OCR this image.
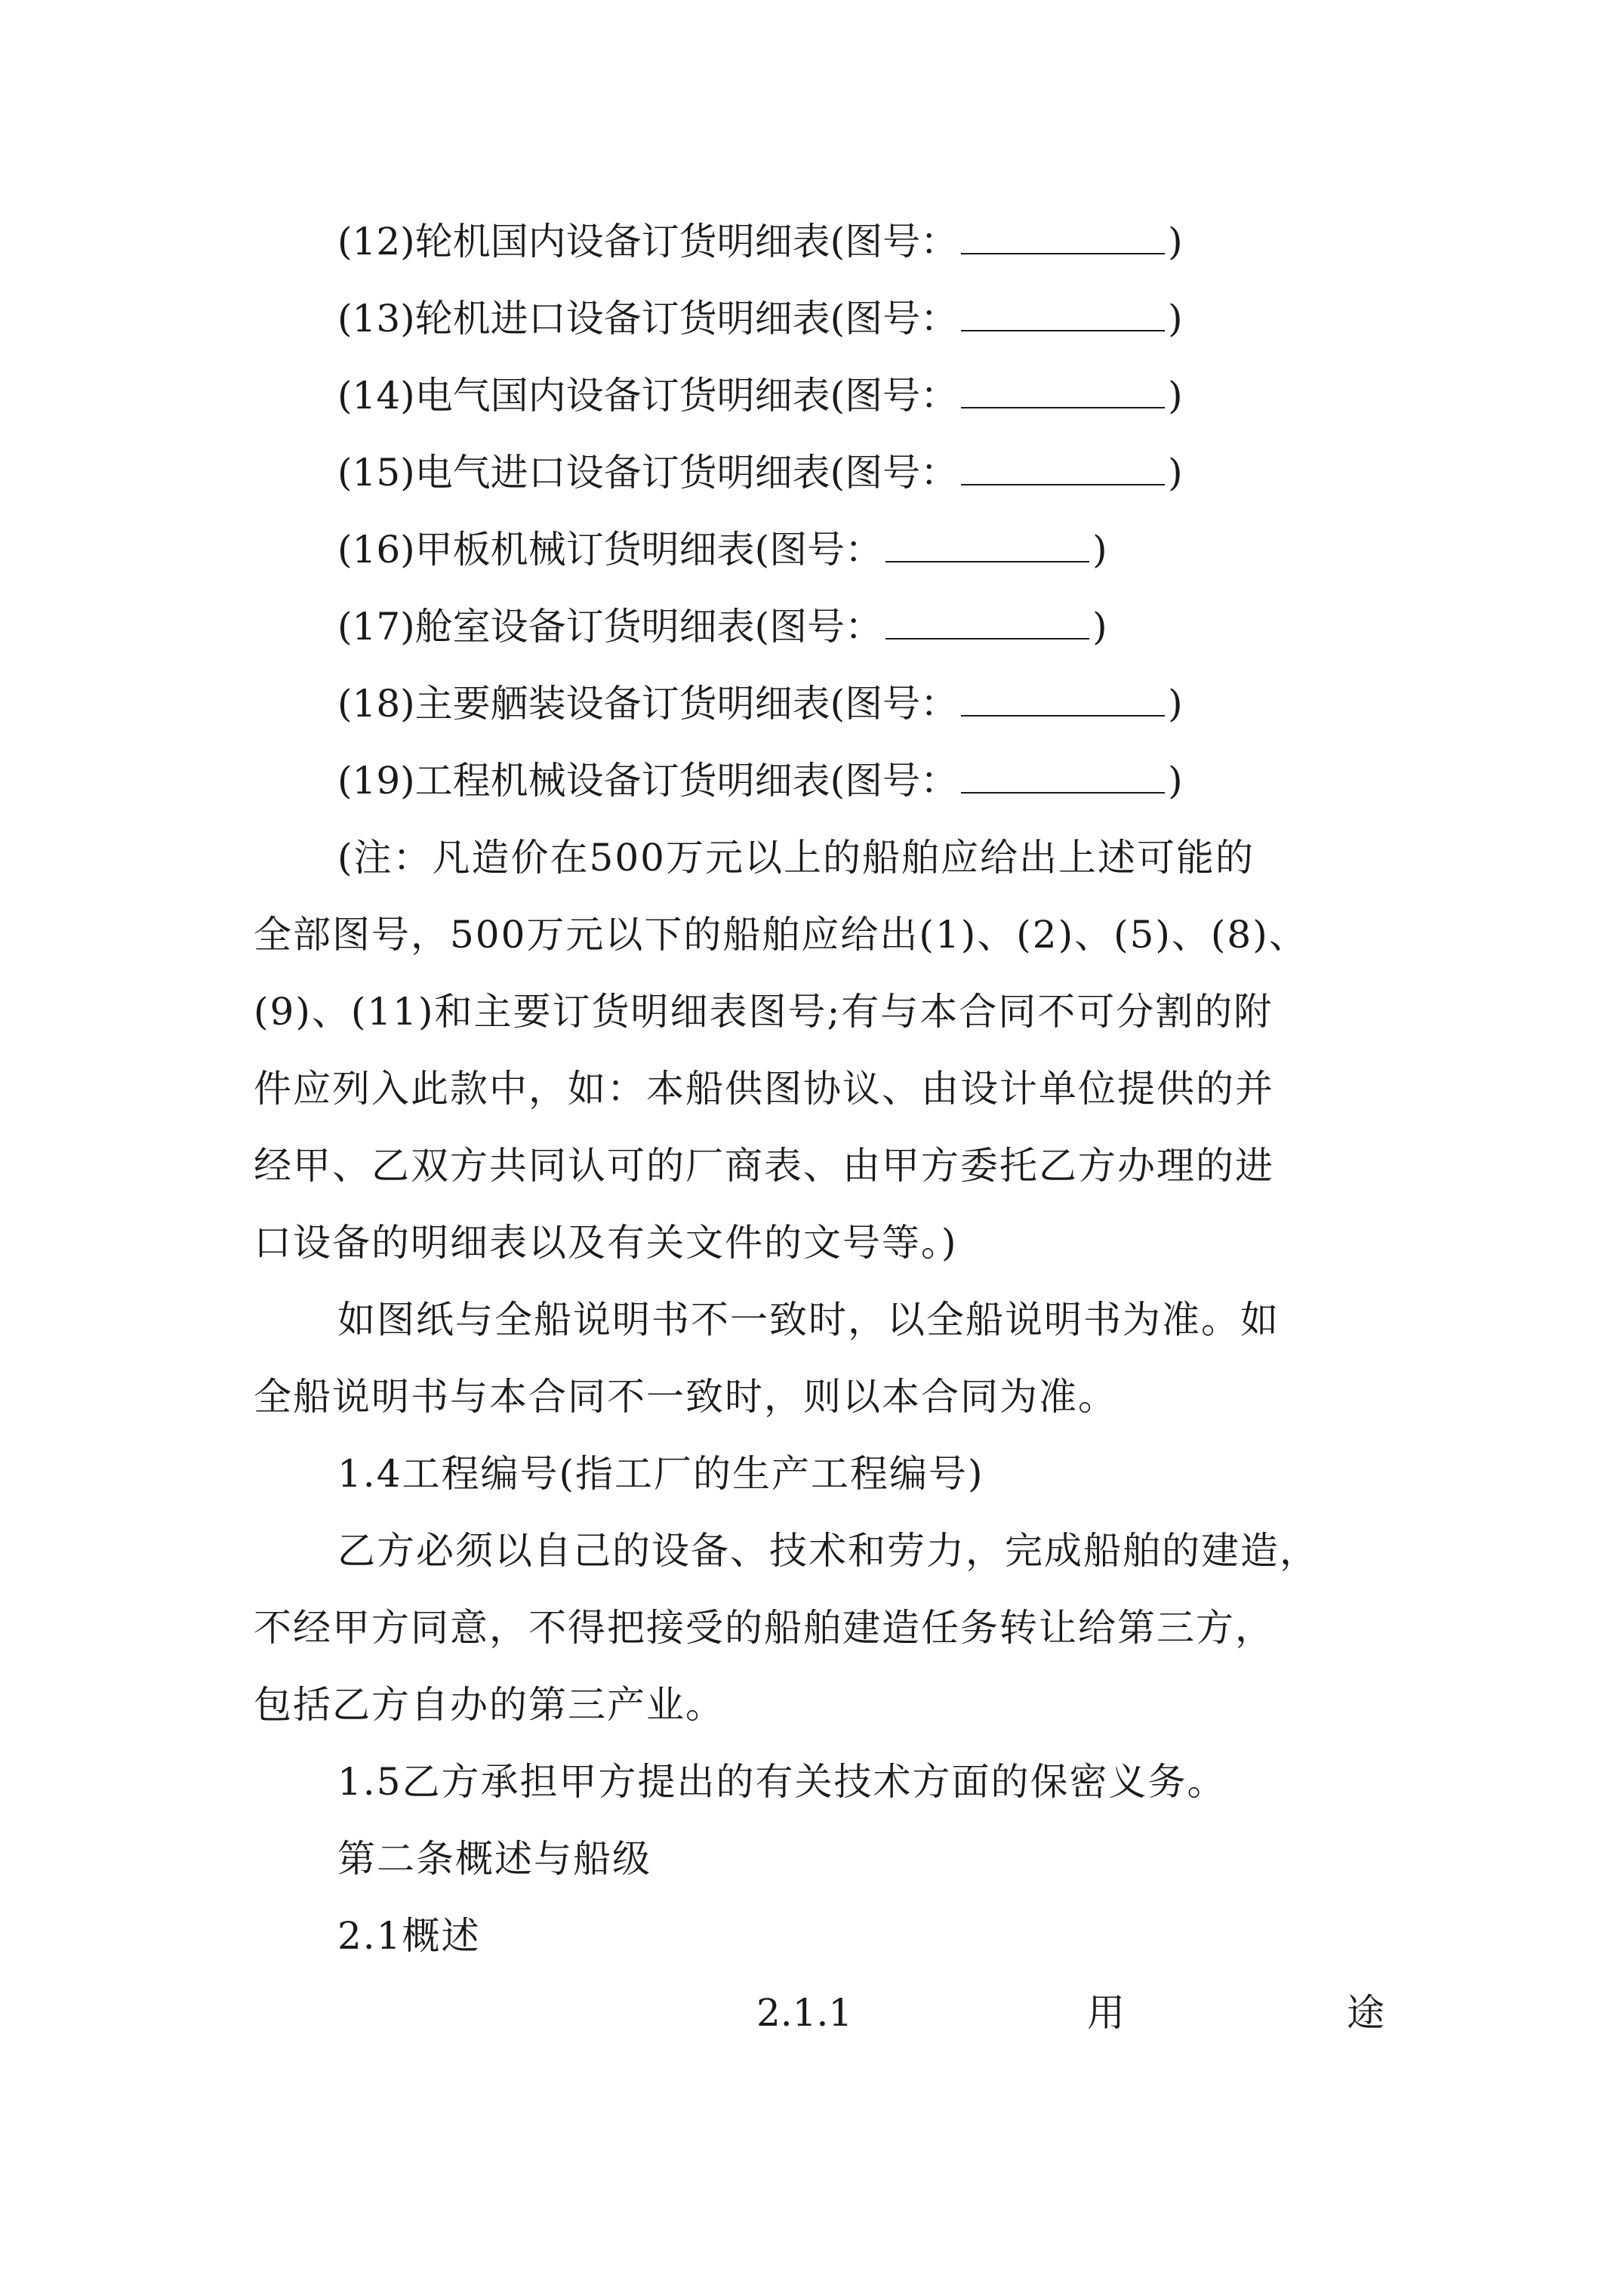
(12)轮机国内设备订货明细表(图号：	)
(13)轮机进口设备订货明细表(图号：	)
(14)电气国内设备订货明细表(图号：	)
(15)电气进口设备订货明细表(图号：	)
(16)甲板机械订货明细表(图号：	)
(17)舱室设备订货明细表(图号：	)
(18)主要舾装设备订货明细表(图号：	)
(19)工程机械设备订货明细表(图号：	)
(注：凡造价在500万元以上的船舶应给出上述可能的
全部图号，500万元以下的船舶应给出(1)、(2)、(5)、(8)、
(9)、(11)和主要订货明细表图号;有与本合同不可分割的附
件应列入此款中，如：本船供图协议、由设计单位提供的并
经甲、乙双方共同认可的厂商表、由甲方委托乙方办理的进
口设备的明细表以及有关文件的文号等。)
如图纸与全船说明书不一致时，以全船说明书为准。如
全船说明书与本合同不一致时，则以本合同为准。
1.4工程编号(指工厂的生产工程编号)
乙方必须以自己的设备、技术和劳力，完成船舶的建造，
不经甲方同意，不得把接受的船舶建造任务转让给第三方，
包括乙方自办的第三产业。
1.5乙方承担甲方提出的有关技术方面的保密义务。
第二条概述与船级
2.1概述
2.1.1	用	途
